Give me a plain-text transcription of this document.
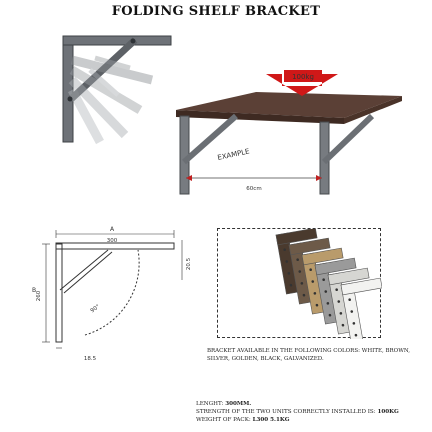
FOLDING SHELF BRACKET
100kg
EXAMPLE
60cm
A
300
B
260
20.5
18.5
90°
BRACKET AVAILABLE IN THE FOLLOWING COLORS: WHITE, BROWN, SILVER, GOLDEN, BLACK, GALVANIZED.
LENGHT: 300MM.
STRENGTH OF THE TWO UNITS CORRECTLY INSTALLED IS: 100KG
WEIGHT OF PACK: L300 5.1KG
